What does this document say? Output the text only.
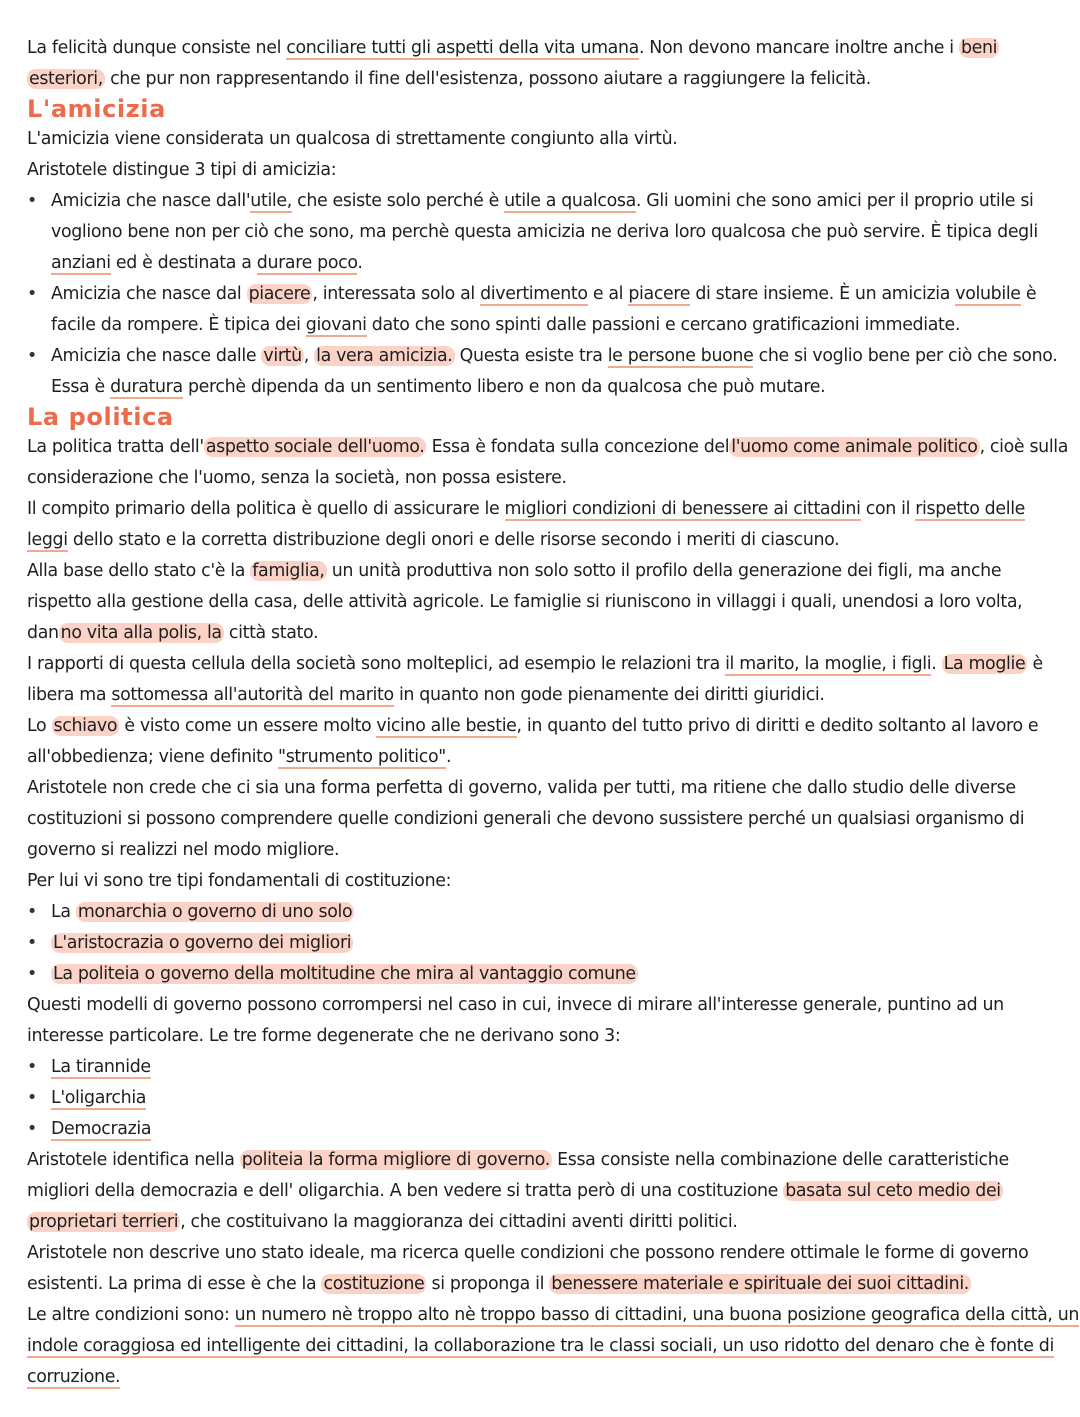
La felicità dunque consiste nel conciliare tutti gli aspetti della vita umana. Non devono mancare inoltre anche i beni
esteriori, che pur non rappresentando il fine dell'esistenza, possono aiutare a raggiungere la felicità.
L'amicizia
L'amicizia viene considerata un qualcosa di strettamente congiunto alla virtù.
Aristotele distingue 3 tipi di amicizia:
• Amicizia che nasce dall'utile, che esiste solo perché è utile a qualcosa. Gli uomini che sono amici per il proprio utile si
vogliono bene non per ciò che sono, ma perchè questa amicizia ne deriva loro qualcosa che può servire. È tipica degli
anziani ed è destinata a durare poco.
• Amicizia che nasce dal piacere , interessata solo al divertimento e al piacere di stare insieme. È un amicizia volubile è
facile da rompere. È tipica dei giovani dato che sono spinti dalle passioni e cercano gratificazioni immediate.
• Amicizia che nasce dalle virtù , la vera amicizia. Questa esiste tra le persone buone che si voglio bene per ciò che sono.
Essa è duratura perchè dipenda da un sentimento libero e non da qualcosa che può mutare.
La politica
La politica tratta dell' aspetto sociale dell'uomo. Essa è fondata sulla concezione del l'uomo come animale politico , cioè sulla
considerazione che l'uomo, senza la società, non possa esistere.
Il compito primario della politica è quello di assicurare le migliori condizioni di benessere ai cittadini con il rispetto delle
leggi dello stato e la corretta distribuzione degli onori e delle risorse secondo i meriti di ciascuno.
Alla base dello stato c'è la famiglia, un unità produttiva non solo sotto il profilo della generazione dei figli, ma anche
rispetto alla gestione della casa, delle attività agricole. Le famiglie si riuniscono in villaggi i quali, unendosi a loro volta,
dan no vita alla polis, la città stato.
I rapporti di questa cellula della società sono molteplici, ad esempio le relazioni tra il marito, la moglie, i figli. La moglie è
libera ma sottomessa all'autorità del marito in quanto non gode pienamente dei diritti giuridici.
Lo schiavo è visto come un essere molto vicino alle bestie, in quanto del tutto privo di diritti e dedito soltanto al lavoro e
all'obbedienza; viene definito "strumento politico".
Aristotele non crede che ci sia una forma perfetta di governo, valida per tutti, ma ritiene che dallo studio delle diverse
costituzioni si possono comprendere quelle condizioni generali che devono sussistere perché un qualsiasi organismo di
governo si realizzi nel modo migliore.
Per lui vi sono tre tipi fondamentali di costituzione:
• La monarchia o governo di uno solo
• L'aristocrazia o governo dei migliori
• La politeia o governo della moltitudine che mira al vantaggio comune
Questi modelli di governo possono corrompersi nel caso in cui, invece di mirare all'interesse generale, puntino ad un
interesse particolare. Le tre forme degenerate che ne derivano sono 3:
• La tirannide
• L'oligarchia
• Democrazia
Aristotele identifica nella politeia la forma migliore di governo. Essa consiste nella combinazione delle caratteristiche
migliori della democrazia e dell' oligarchia. A ben vedere si tratta però di una costituzione basata sul ceto medio dei
proprietari terrieri , che costituivano la maggioranza dei cittadini aventi diritti politici.
Aristotele non descrive uno stato ideale, ma ricerca quelle condizioni che possono rendere ottimale le forme di governo
esistenti. La prima di esse è che la costituzione si proponga il benessere materiale e spirituale dei suoi cittadini.
Le altre condizioni sono: un numero nè troppo alto nè troppo basso di cittadini, una buona posizione geografica della città, un
indole coraggiosa ed intelligente dei cittadini, la collaborazione tra le classi sociali, un uso ridotto del denaro che è fonte di
corruzione.
